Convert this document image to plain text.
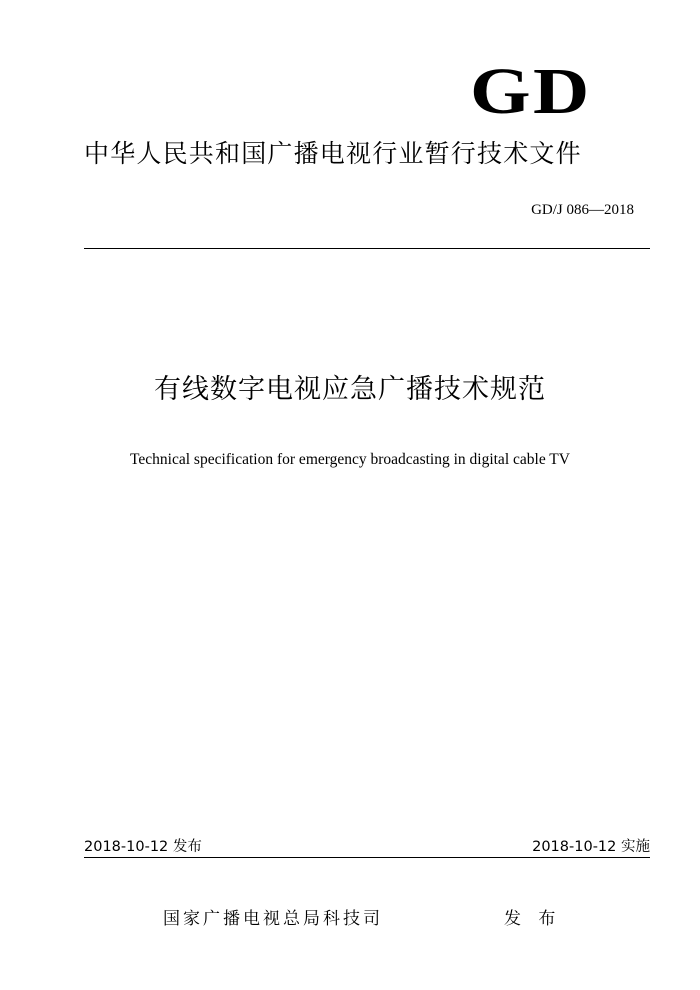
GD
中华人民共和国广播电视行业暂行技术文件
GD/J 086—2018
有线数字电视应急广播技术规范
Technical specification for emergency broadcasting in digital cable TV
2018-10-12 发布	2018-10-12 实施
国家广播电视总局科技司	发 布
